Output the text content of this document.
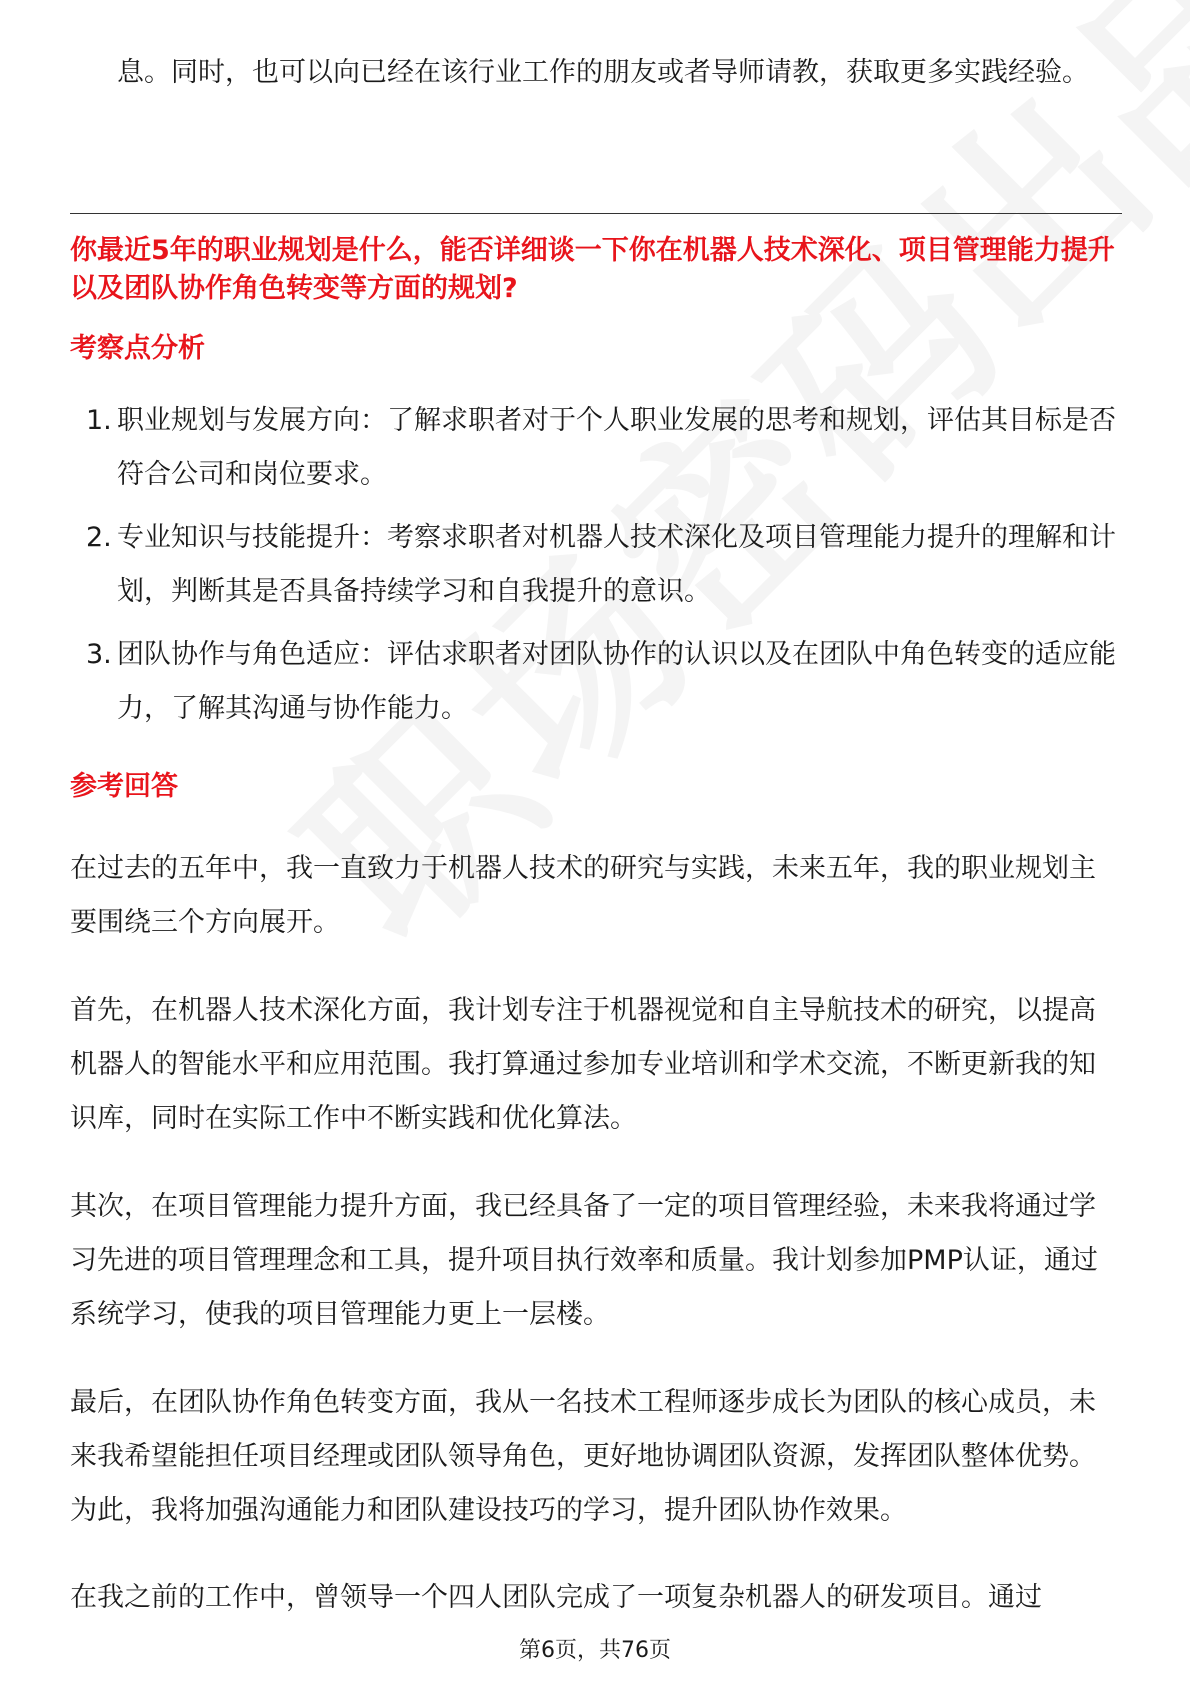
息。同时，也可以向已经在该行业工作的朋友或者导师请教，获取更多实践经验。

你最近5年的职业规划是什么，能否详细谈一下你在机器人技术深化、项目管理能力提升以及团队协作角色转变等方面的规划?
考察点分析
1. 职业规划与发展方向：了解求职者对于个人职业发展的思考和规划，评估其目标是否符合公司和岗位要求。
2. 专业知识与技能提升：考察求职者对机器人技术深化及项目管理能力提升的理解和计划，判断其是否具备持续学习和自我提升的意识。
3. 团队协作与角色适应：评估求职者对团队协作的认识以及在团队中角色转变的适应能力，了解其沟通与协作能力。
参考回答

在过去的五年中，我一直致力于机器人技术的研究与实践，未来五年，我的职业规划主要围绕三个方向展开。

首先，在机器人技术深化方面，我计划专注于机器视觉和自主导航技术的研究，以提高机器人的智能水平和应用范围。我打算通过参加专业培训和学术交流，不断更新我的知识库，同时在实际工作中不断实践和优化算法。

其次，在项目管理能力提升方面，我已经具备了一定的项目管理经验，未来我将通过学习先进的项目管理理念和工具，提升项目执行效率和质量。我计划参加PMP认证，通过系统学习，使我的项目管理能力更上一层楼。

最后，在团队协作角色转变方面，我从一名技术工程师逐步成长为团队的核心成员，未来我希望能担任项目经理或团队领导角色，更好地协调团队资源，发挥团队整体优势。为此，我将加强沟通能力和团队建设技巧的学习，提升团队协作效果。

在我之前的工作中，曾领导一个四人团队完成了一项复杂机器人的研发项目。通过

第6页，共76页
